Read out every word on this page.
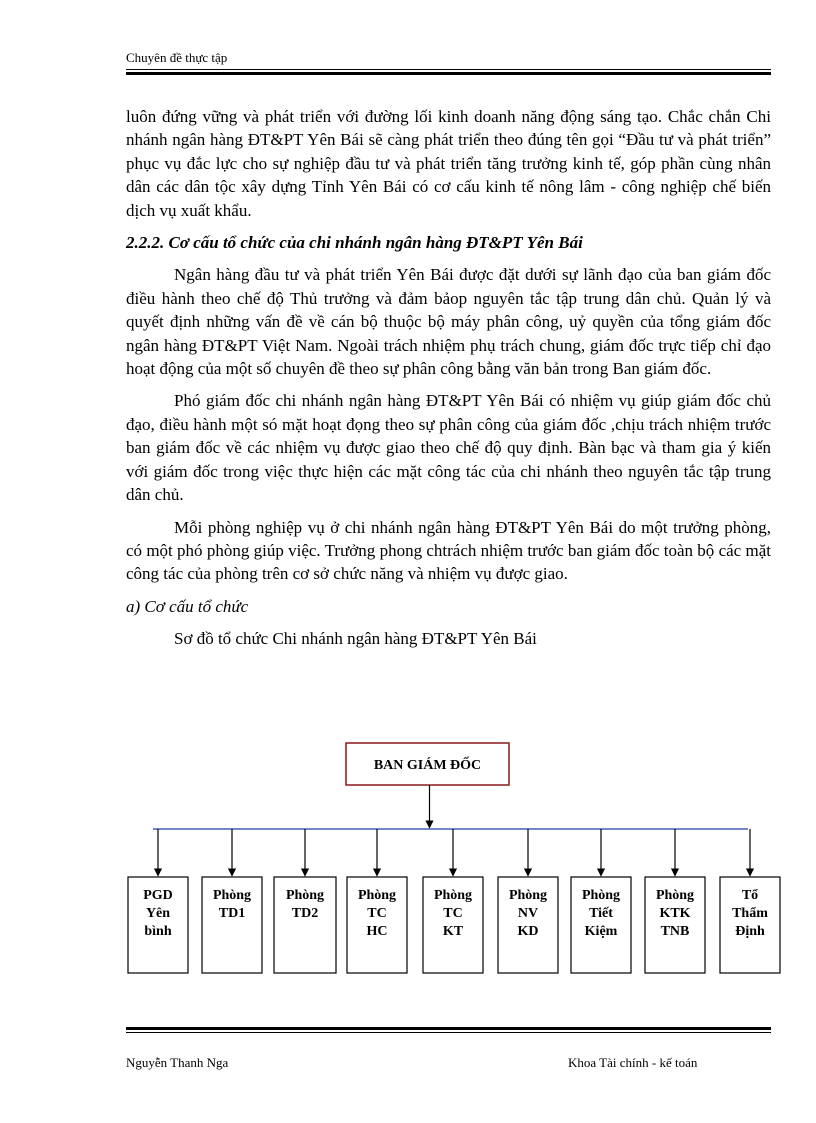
Chuyên đề thực tập

luôn đứng vững và phát triển với đường lối kinh doanh năng động sáng tạo. Chắc chắn Chi nhánh ngân hàng ĐT&PT Yên Bái sẽ càng phát triển theo đúng tên gọi “Đầu tư và phát triển” phục vụ đắc lực cho sự nghiệp đầu tư và phát triển tăng trưởng kinh tế, góp phần cùng nhân dân các dân tộc xây dựng Tỉnh Yên Bái có cơ cấu kinh tế nông lâm - công nghiệp chế biến dịch vụ xuất khẩu.

2.2.2. Cơ cấu tổ chức của chi nhánh ngân hàng ĐT&PT Yên Bái

Ngân hàng đầu tư và phát triển Yên Bái được đặt dưới sự lãnh đạo của ban giám đốc điều hành theo chế độ Thủ trưởng và đảm bảop nguyên tắc tập trung dân chủ. Quản lý và quyết định những vấn đề về cán bộ thuộc bộ máy phân công, uỷ quyền của tổng giám đốc ngân hàng ĐT&PT Việt Nam. Ngoài trách nhiệm phụ trách chung, giám đốc trực tiếp chỉ đạo hoạt động của một số chuyên đề theo sự phân công bằng văn bản trong Ban giám đốc.

Phó giám đốc chi nhánh ngân hàng ĐT&PT Yên Bái có nhiệm vụ giúp giám đốc chủ đạo, điều hành một só mặt hoạt đọng theo sự phân công của giám đốc ,chịu trách nhiệm trước ban giám đốc về các nhiệm vụ được giao theo chế độ quy định. Bàn bạc và tham gia ý kiến với giám đốc trong việc thực hiện các mặt công tác của chi nhánh theo nguyên tắc tập trung dân chủ.

Mỗi phòng nghiệp vụ ở chi nhánh ngân hàng ĐT&PT Yên Bái do một trưởng phòng, có một phó phòng giúp việc. Trưởng phong chtrách nhiệm trước ban giám đốc toàn bộ các mặt công tác của phòng trên cơ sở chức năng và nhiệm vụ được giao.

a) Cơ cấu tổ chức

Sơ đồ tổ chức Chi nhánh ngân hàng ĐT&PT Yên Bái

BAN GIÁM ĐỐC
PGD
Yên
bình
Phòng
TD1
Phòng
TD2
Phòng
TC
HC
Phòng
TC
KT
Phòng
NV
KD
Phòng
Tiết
Kiệm
Phòng
KTK
TNB
Tổ
Thẩm
Định
Nguyễn Thanh Nga	Khoa Tài chính - kế toán
